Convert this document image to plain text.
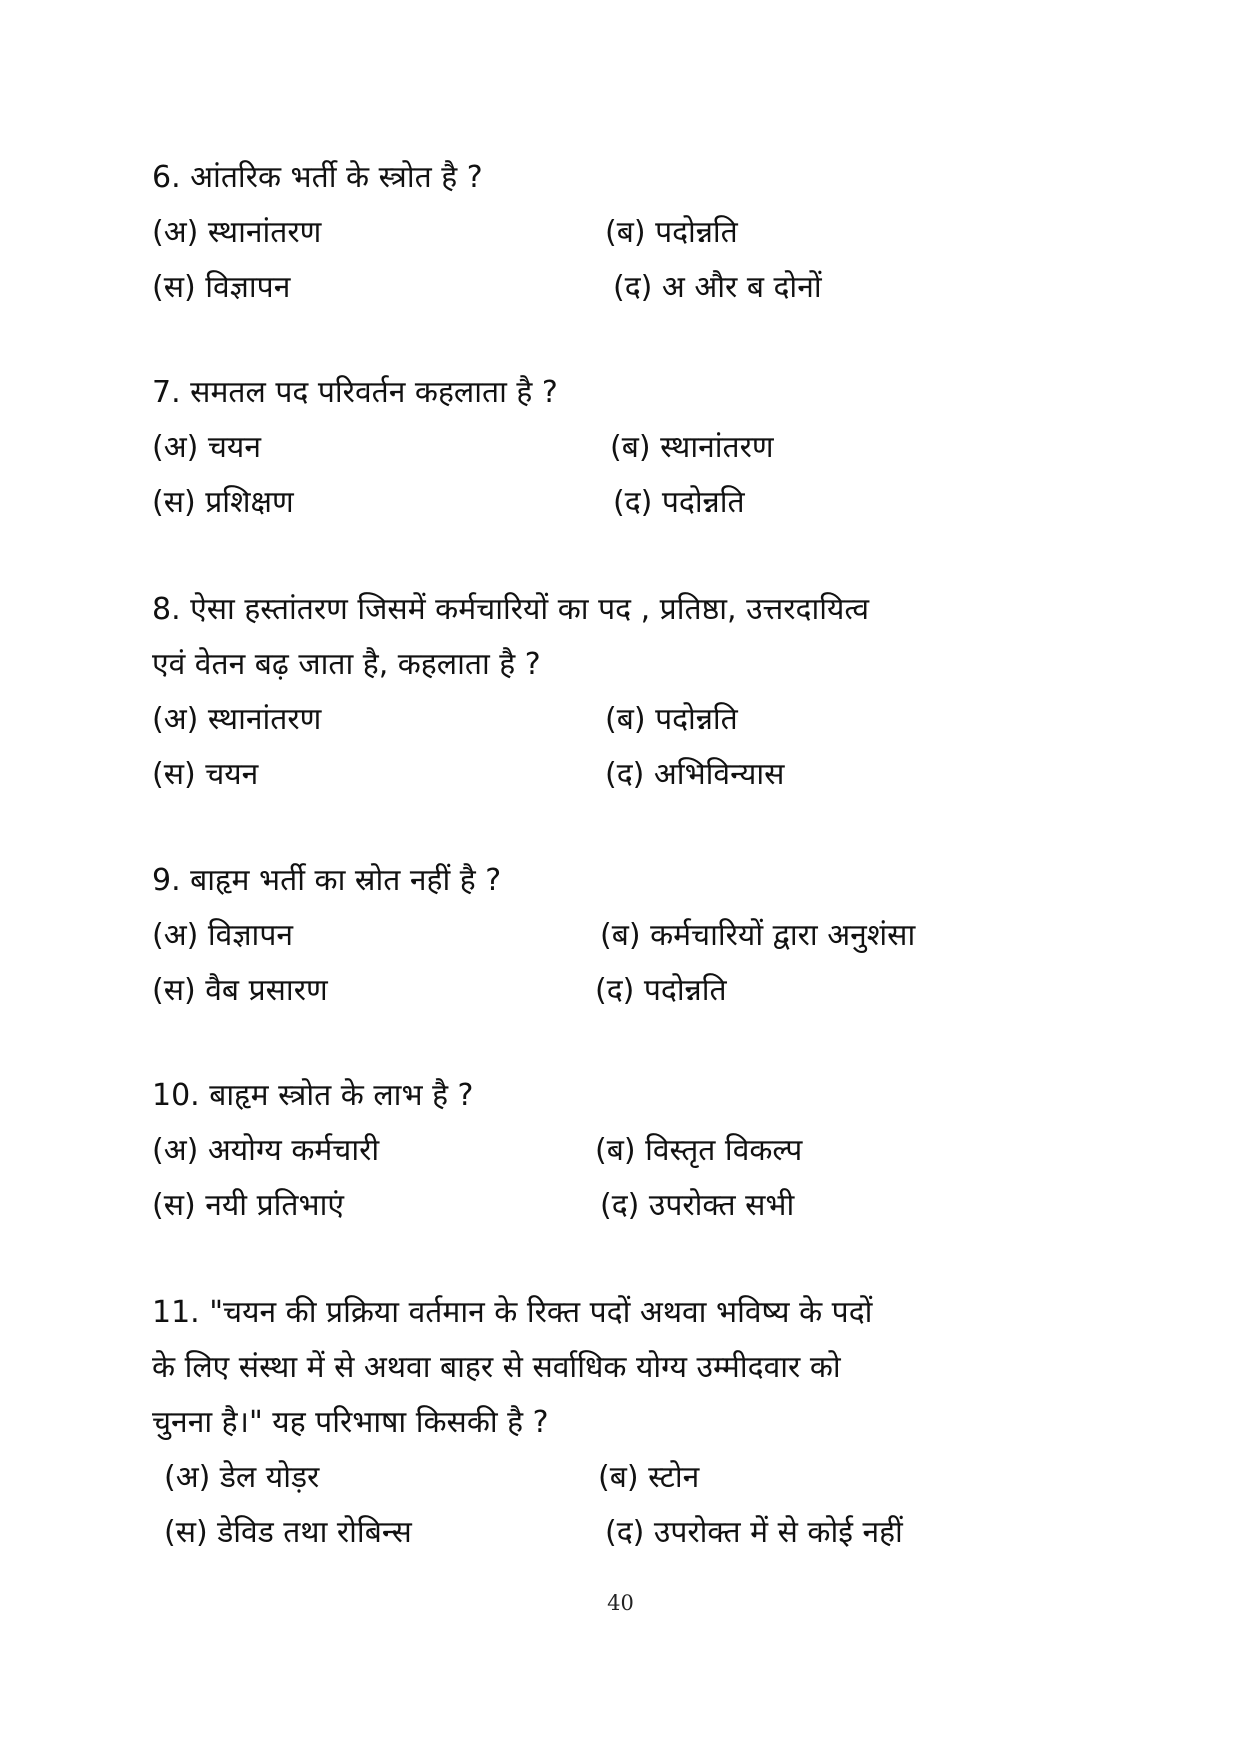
6. आंतरिक भर्ती के स्त्रोत है ?

(अ) स्थानांतरण	(ब) पदोन्नति
(स) विज्ञापन	(द) अ और ब दोनों

7. समतल पद परिवर्तन कहलाता है ?

(अ) चयन	(ब) स्थानांतरण
(स) प्रशिक्षण	(द) पदोन्नति

8. ऐसा हस्तांतरण जिसमें कर्मचारियों का पद , प्रतिष्ठा, उत्तरदायित्व

एवं वेतन बढ़ जाता है, कहलाता है ?

(अ) स्थानांतरण	(ब) पदोन्नति
(स) चयन	(द) अभिविन्यास

9. बाहृम भर्ती का स्रोत नहीं है ?

(अ) विज्ञापन	(ब) कर्मचारियों द्वारा अनुशंसा
(स) वैब प्रसारण	(द) पदोन्नति

10. बाहृम स्त्रोत के लाभ है ?

(अ) अयोग्य कर्मचारी	(ब) विस्तृत विकल्प
(स) नयी प्रतिभाएं	(द) उपरोक्त सभी

11. "चयन की प्रक्रिया वर्तमान के रिक्त पदों अथवा भविष्य के पदों

के लिए संस्था में से अथवा बाहर से सर्वाधिक योग्य उम्मीदवार को

चुनना है।" यह परिभाषा किसकी है ?

(अ) डेल योड़र	(ब) स्टोन
(स) डेविड तथा रोबिन्स	(द) उपरोक्त में से कोई नहीं
40
